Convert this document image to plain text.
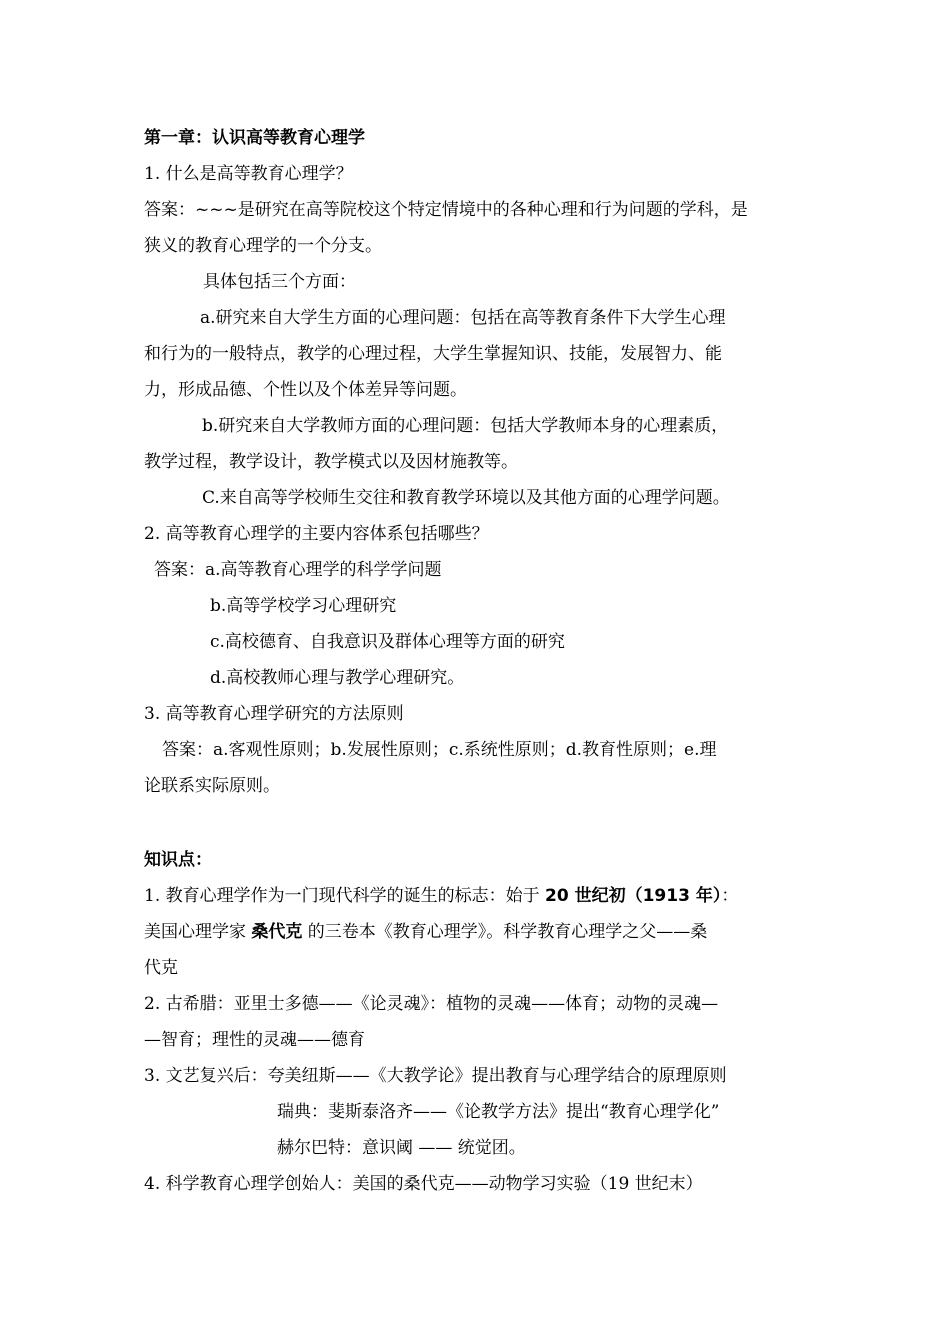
第一章：认识高等教育心理学

1. 什么是高等教育心理学？

答案：~~~是研究在高等院校这个特定情境中的各种心理和行为问题的学科，是

狭义的教育心理学的一个分支。

具体包括三个方面：

a.研究来自大学生方面的心理问题：包括在高等教育条件下大学生心理

和行为的一般特点，教学的心理过程，大学生掌握知识、技能，发展智力、能

力，形成品德、个性以及个体差异等问题。

b.研究来自大学教师方面的心理问题：包括大学教师本身的心理素质，

教学过程，教学设计，教学模式以及因材施教等。

C.来自高等学校师生交往和教育教学环境以及其他方面的心理学问题。

2. 高等教育心理学的主要内容体系包括哪些？

答案：a.高等教育心理学的科学学问题

b.高等学校学习心理研究

c.高校德育、自我意识及群体心理等方面的研究

d.高校教师心理与教学心理研究。

3. 高等教育心理学研究的方法原则

答案：a.客观性原则；b.发展性原则；c.系统性原则；d.教育性原则；e.理

论联系实际原则。

知识点：

1. 教育心理学作为一门现代科学的诞生的标志：始于 20 世纪初（1913 年）：

美国心理学家 桑代克 的三卷本《教育心理学》。科学教育心理学之父——桑

代克

2. 古希腊：亚里士多德——《论灵魂》：植物的灵魂——体育；动物的灵魂—

—智育；理性的灵魂——德育

3. 文艺复兴后：夸美纽斯——《大教学论》提出教育与心理学结合的原理原则

瑞典：斐斯泰洛齐——《论教学方法》提出“教育心理学化”

赫尔巴特：意识阈 —— 统觉团。

4. 科学教育心理学创始人：美国的桑代克——动物学习实验（19 世纪末）
